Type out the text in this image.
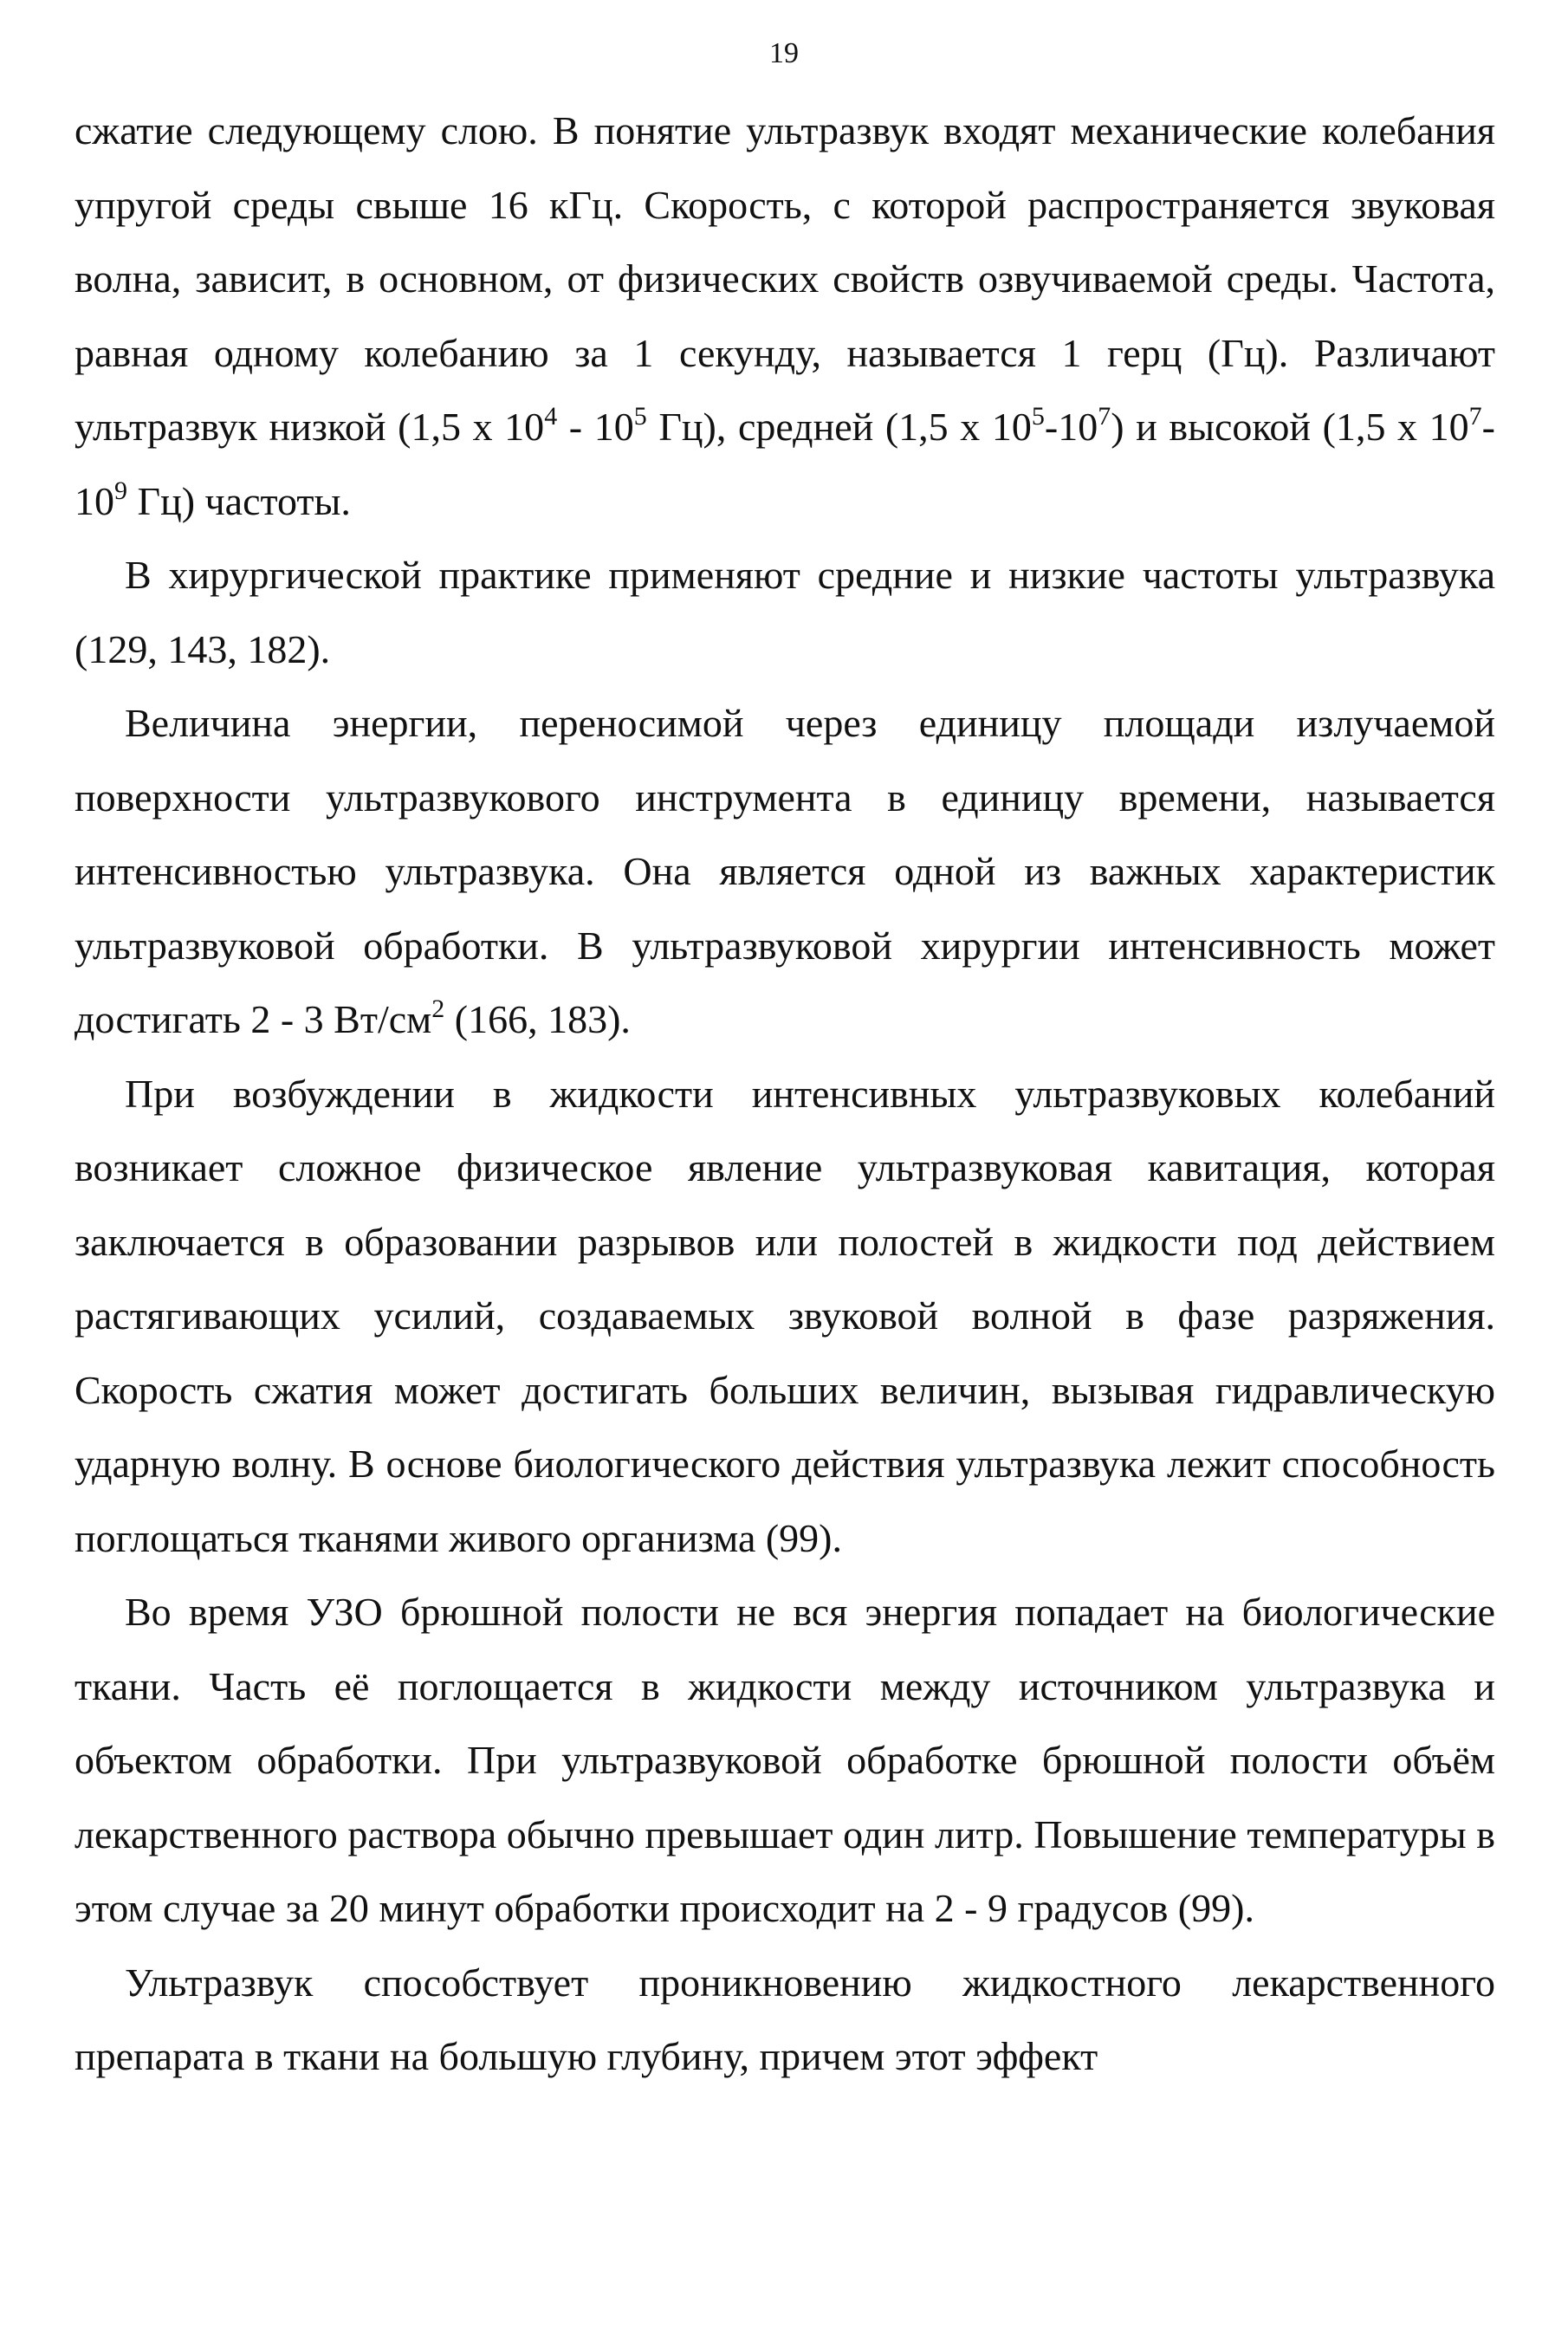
19

сжатие следующему слою. В понятие ультразвук входят механические колебания упругой среды свыше 16 кГц. Скорость, с которой распространяется звуковая волна, зависит, в основном, от физических свойств озвучиваемой среды. Частота, равная одному колебанию за 1 секунду, называется 1 герц (Гц). Различают ультразвук низкой (1,5 х $10^4 - 10^5$ Гц), средней (1,5 х $10^5-10^7$) и высокой (1,5 х $10^7-10^9$ Гц) частоты.

В хирургической практике применяют средние и низкие частоты ультразвука (129, 143, 182).

Величина энергии, переносимой через единицу площади излучаемой поверхности ультразвукового инструмента в единицу времени, называется интенсивностью ультразвука. Она является одной из важных характеристик ультразвуковой обработки. В ультразвуковой хирургии интенсивность может достигать 2 - 3 $Вт/см^2$ (166, 183).

При возбуждении в жидкости интенсивных ультразвуковых колебаний возникает сложное физическое явление ультразвуковая кавитация, которая заключается в образовании разрывов или полостей в жидкости под действием растягивающих усилий, создаваемых звуковой волной в фазе разряжения. Скорость сжатия может достигать больших величин, вызывая гидравлическую ударную волну. В основе биологического действия ультразвука лежит способность поглощаться тканями живого организма (99).

Во время УЗО брюшной полости не вся энергия попадает на биологические ткани. Часть её поглощается в жидкости между источником ультразвука и объектом обработки. При ультразвуковой обработке брюшной полости объём лекарственного раствора обычно превышает один литр. Повышение температуры в этом случае за 20 минут обработки происходит на 2 - 9 градусов (99).

Ультразвук способствует проникновению жидкостного лекарственного препарата в ткани на большую глубину, причем этот эффект
